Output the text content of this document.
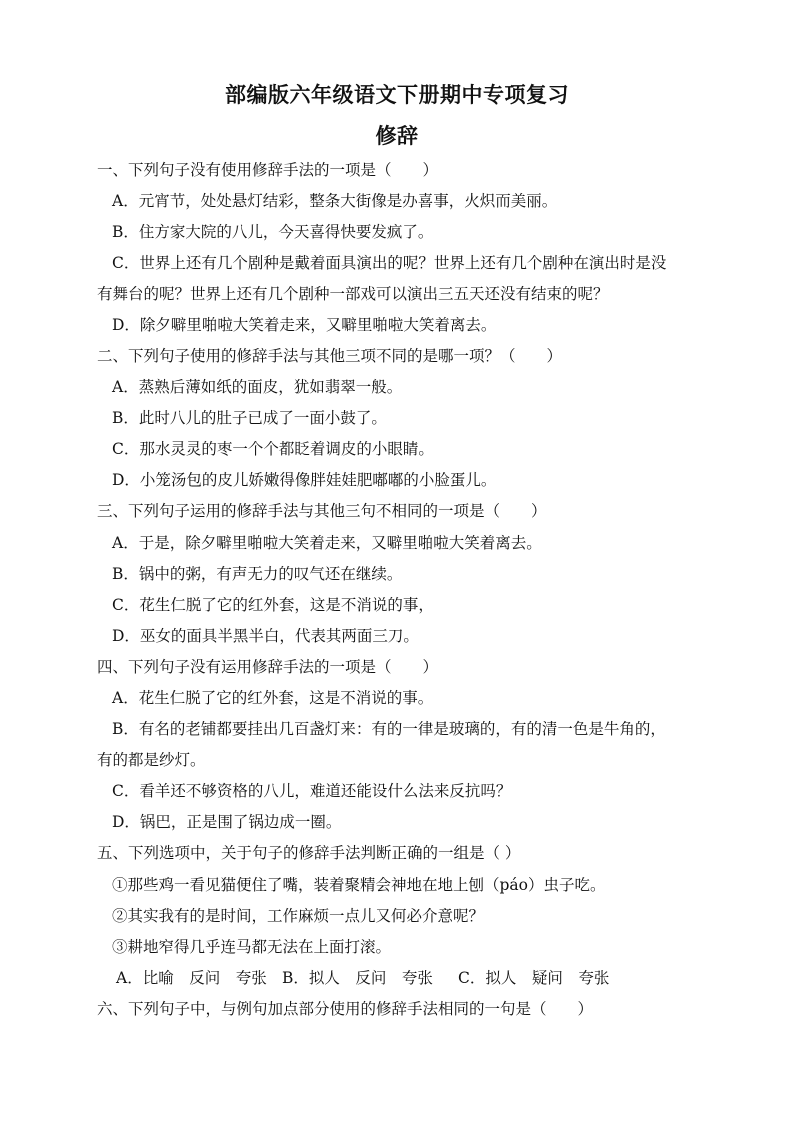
部编版六年级语文下册期中专项复习
修辞
一、下列句子没有使用修辞手法的一项是（　　）
A．元宵节，处处悬灯结彩，整条大街像是办喜事，火炽而美丽。
B．住方家大院的八儿，今天喜得快要发疯了。
C．世界上还有几个剧种是戴着面具演出的呢？世界上还有几个剧种在演出时是没
有舞台的呢？世界上还有几个剧种一部戏可以演出三五天还没有结束的呢？
D．除夕噼里啪啦大笑着走来，又噼里啪啦大笑着离去。
二、下列句子使用的修辞手法与其他三项不同的是哪一项？（　　）
A．蒸熟后薄如纸的面皮，犹如翡翠一般。
B．此时八儿的肚子已成了一面小鼓了。
C．那水灵灵的枣一个个都眨着调皮的小眼睛。
D．小笼汤包的皮儿娇嫩得像胖娃娃肥嘟嘟的小脸蛋儿。
三、下列句子运用的修辞手法与其他三句不相同的一项是（　　）
A．于是，除夕噼里啪啦大笑着走来，又噼里啪啦大笑着离去。
B．锅中的粥，有声无力的叹气还在继续。
C．花生仁脱了它的红外套，这是不消说的事，
D．巫女的面具半黑半白，代表其两面三刀。
四、下列句子没有运用修辞手法的一项是（　　）
A．花生仁脱了它的红外套，这是不消说的事。
B．有名的老铺都要挂出几百盏灯来：有的一律是玻璃的，有的清一色是牛角的，
有的都是纱灯。
C．看羊还不够资格的八儿，难道还能设什么法来反抗吗？
D．锅巴，正是围了锅边成一圈。
五、下列选项中，关于句子的修辞手法判断正确的一组是（ ）
①那些鸡一看见猫便住了嘴，装着聚精会神地在地上刨（páo）虫子吃。
②其实我有的是时间，工作麻烦一点儿又何必介意呢？
③耕地窄得几乎连马都无法在上面打滚。
A．比喻　反问　夸张 B．拟人　反问　夸张 C．拟人　疑问　夸张
六、下列句子中，与例句加点部分使用的修辞手法相同的一句是（　　）
